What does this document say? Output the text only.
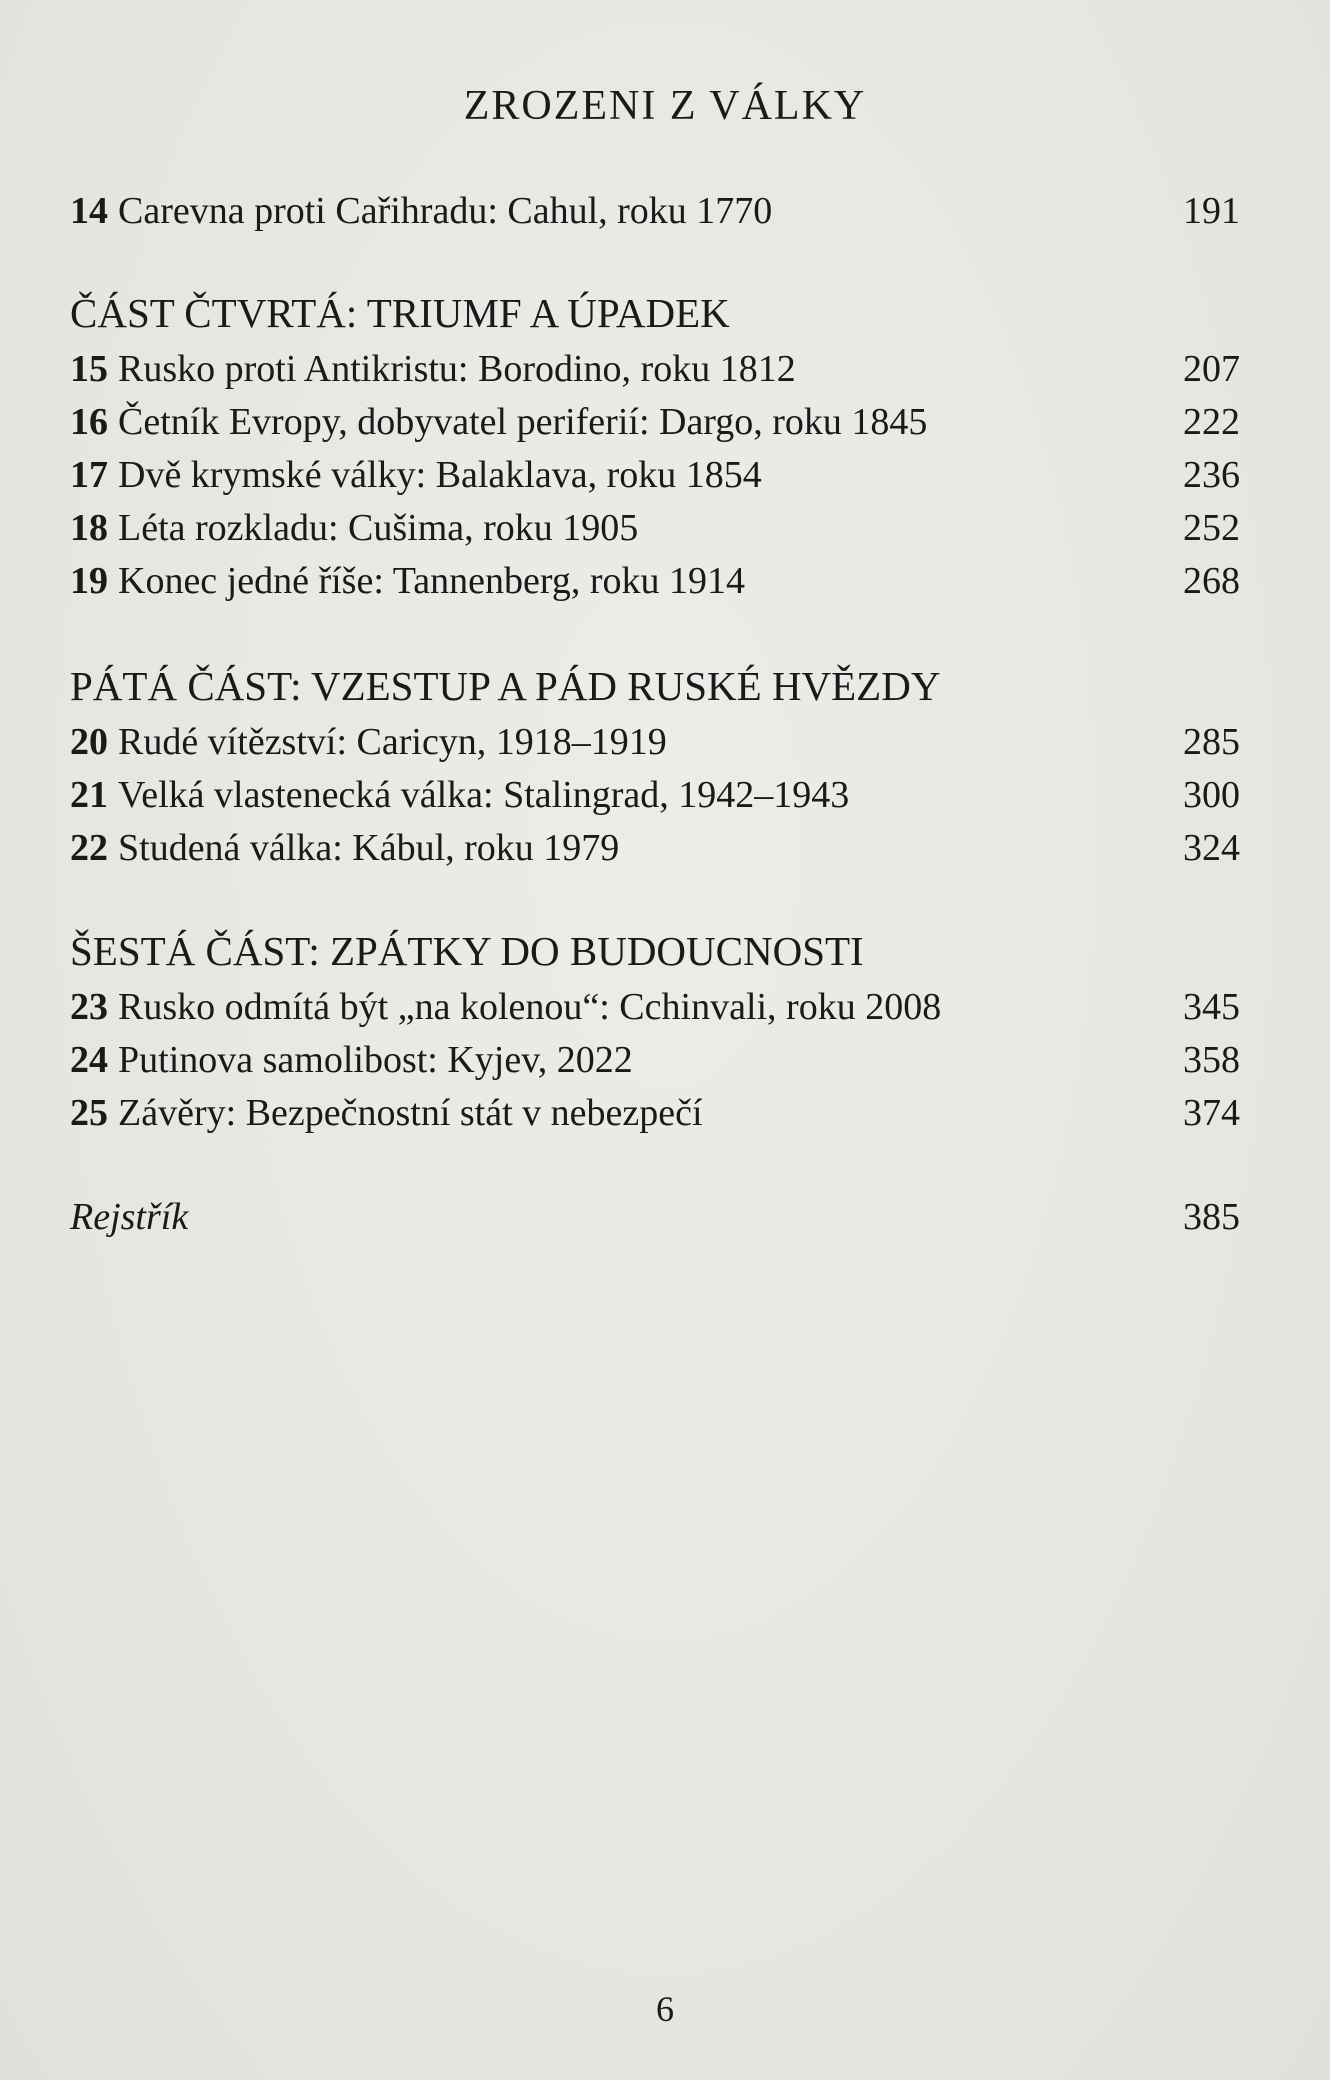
ZROZENI Z VÁLKY
14 Carevna proti Cařihradu: Cahul, roku 1770	191
ČÁST ČTVRTÁ: TRIUMF A ÚPADEK
15 Rusko proti Antikristu: Borodino, roku 1812	207
16 Četník Evropy, dobyvatel periferií: Dargo, roku 1845	222
17 Dvě krymské války: Balaklava, roku 1854	236
18 Léta rozkladu: Cušima, roku 1905	252
19 Konec jedné říše: Tannenberg, roku 1914	268
PÁTÁ ČÁST: VZESTUP A PÁD RUSKÉ HVĚZDY
20 Rudé vítězství: Caricyn, 1918–1919	285
21 Velká vlastenecká válka: Stalingrad, 1942–1943	300
22 Studená válka: Kábul, roku 1979	324
ŠESTÁ ČÁST: ZPÁTKY DO BUDOUCNOSTI
23 Rusko odmítá být „na kolenou“: Cchinvali, roku 2008	345
24 Putinova samolibost: Kyjev, 2022	358
25 Závěry: Bezpečnostní stát v nebezpečí	374
Rejstřík	385
6
